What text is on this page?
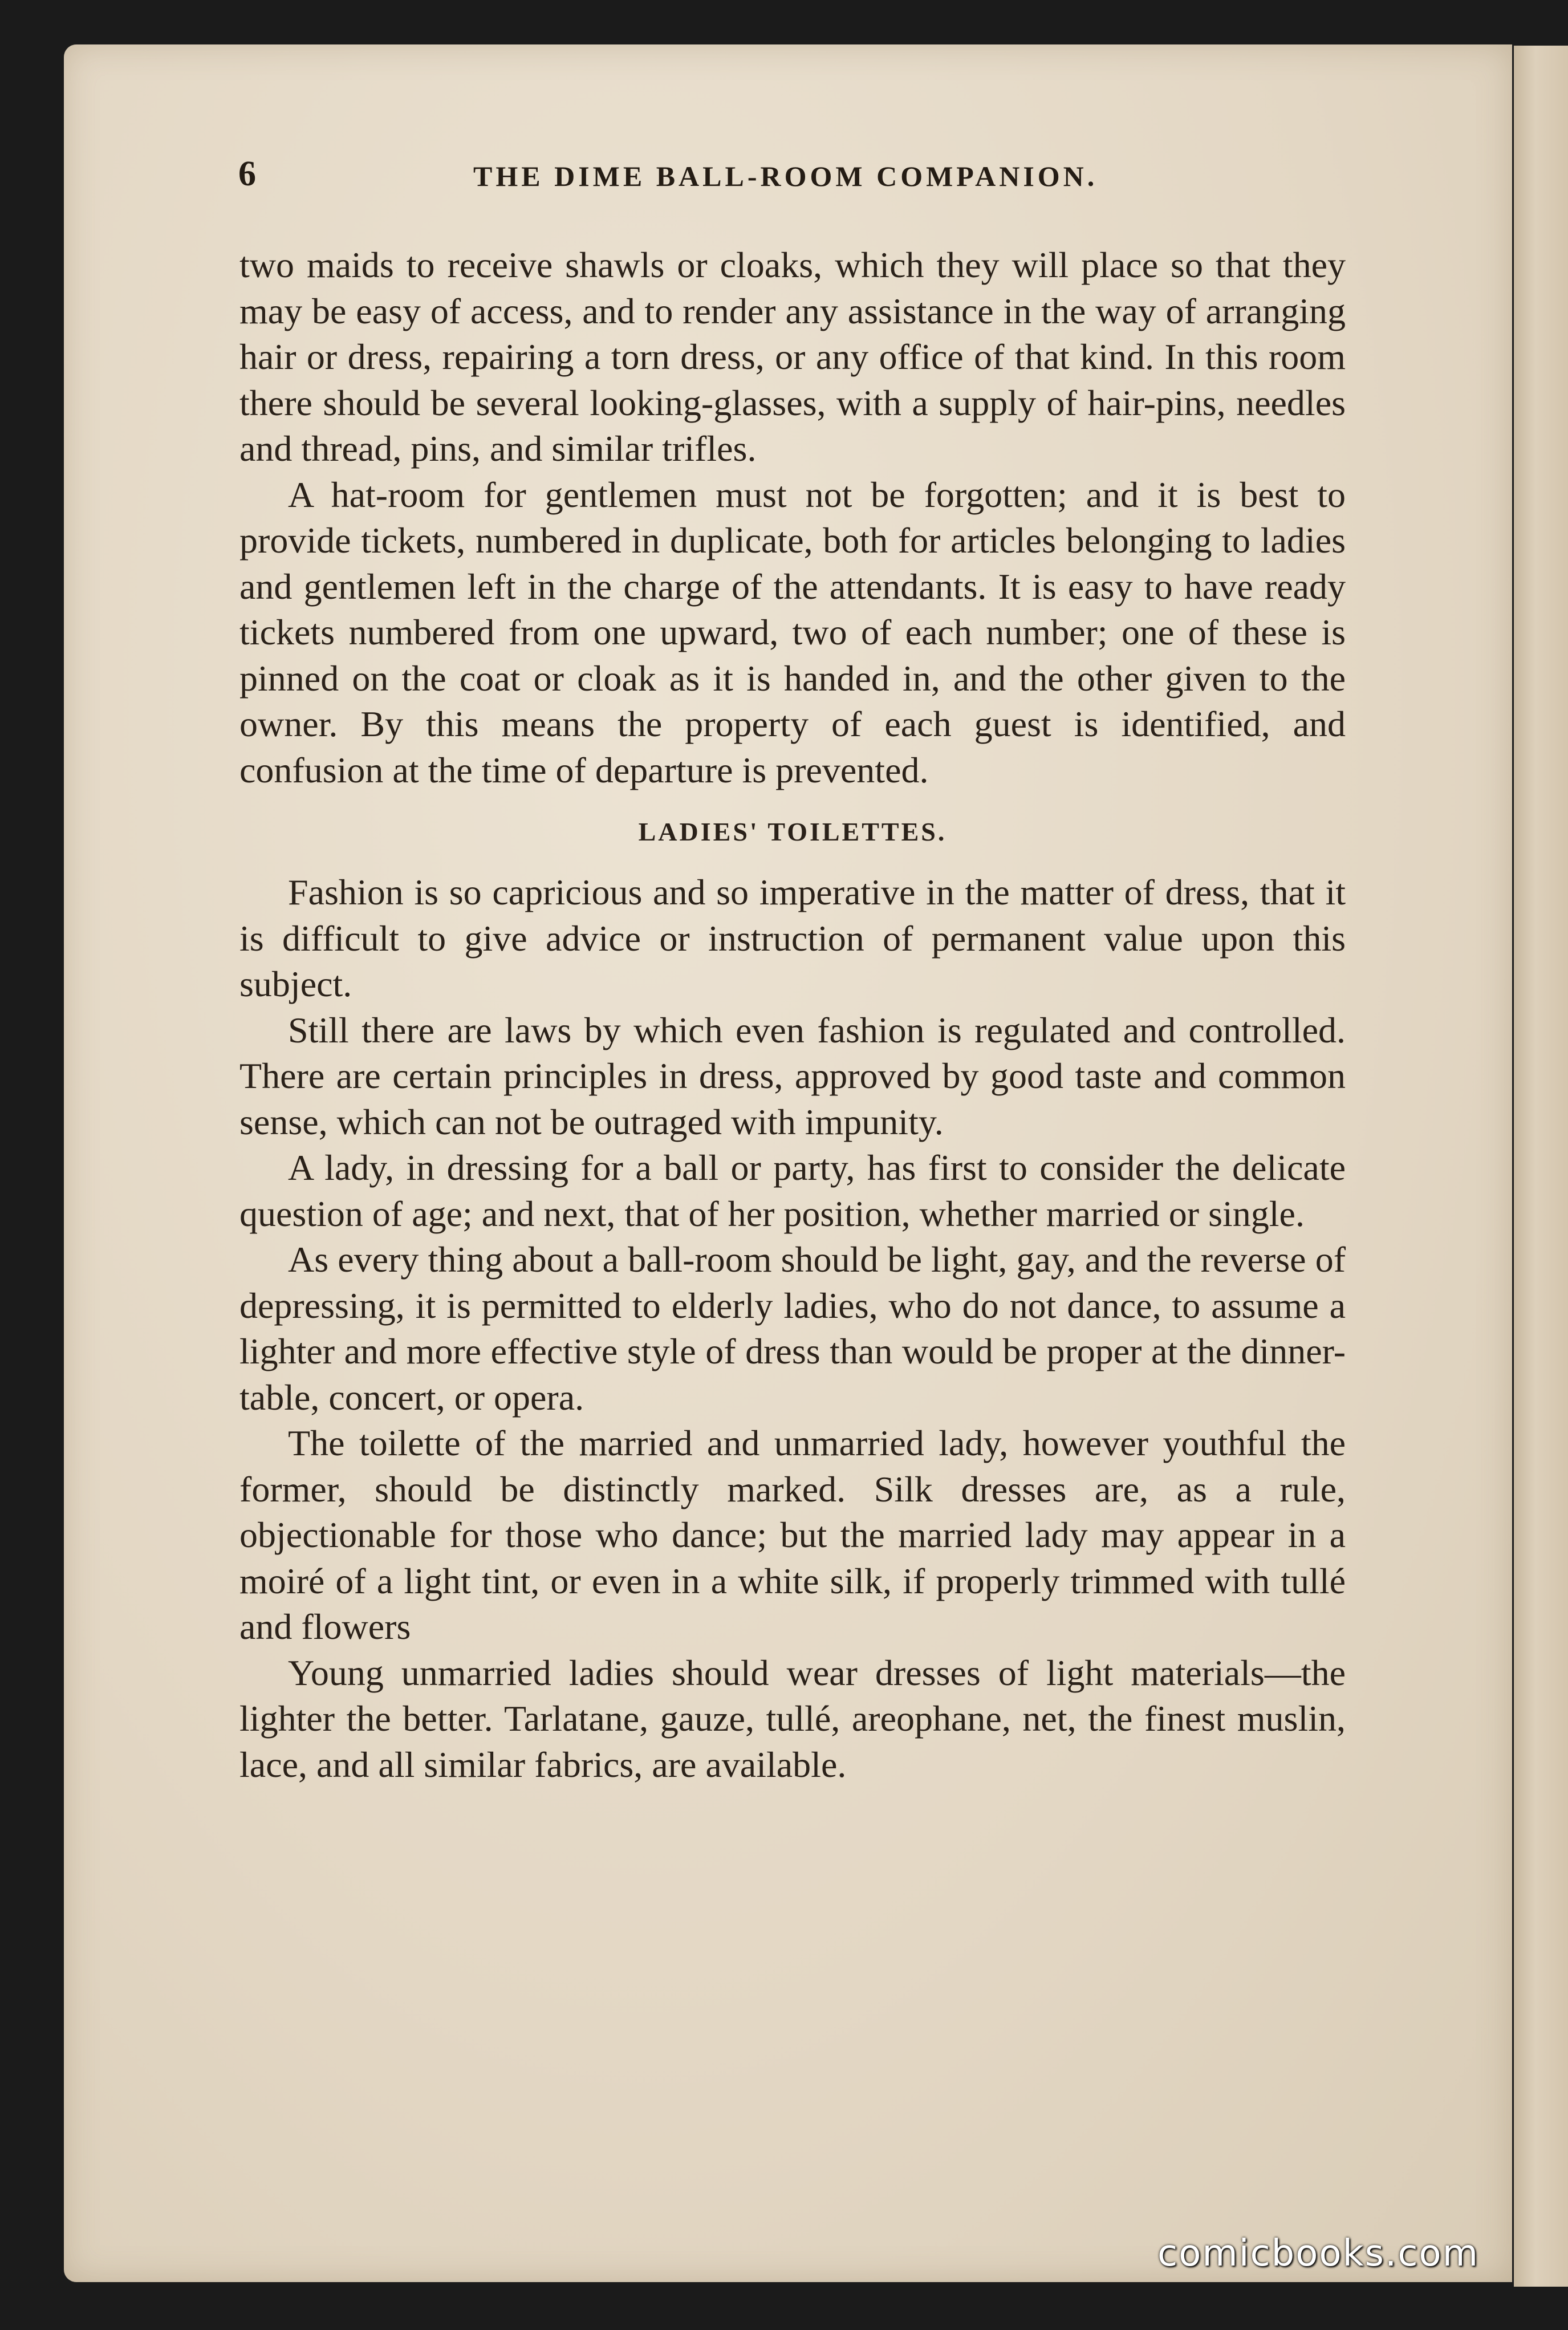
6	THE DIME BALL-ROOM COMPANION.

two maids to receive shawls or cloaks, which they will place so that they may be easy of access, and to render any assistance in the way of arranging hair or dress, repairing a torn dress, or any office of that kind. In this room there should be several looking-glasses, with a supply of hair-pins, needles and thread, pins, and similar trifles.

A hat-room for gentlemen must not be forgotten; and it is best to provide tickets, numbered in duplicate, both for articles belonging to ladies and gentlemen left in the charge of the attendants. It is easy to have ready tickets numbered from one upward, two of each number; one of these is pinned on the coat or cloak as it is handed in, and the other given to the owner. By this means the property of each guest is identified, and confusion at the time of departure is prevented.

LADIES' TOILETTES.

Fashion is so capricious and so imperative in the matter of dress, that it is difficult to give advice or instruction of permanent value upon this subject.

Still there are laws by which even fashion is regulated and controlled. There are certain principles in dress, approved by good taste and common sense, which can not be outraged with impunity.

A lady, in dressing for a ball or party, has first to consider the delicate question of age; and next, that of her position, whether married or single.

As every thing about a ball-room should be light, gay, and the reverse of depressing, it is permitted to elderly ladies, who do not dance, to assume a lighter and more effective style of dress than would be proper at the dinner-table, concert, or opera.

The toilette of the married and unmarried lady, however youthful the former, should be distinctly marked. Silk dresses are, as a rule, objectionable for those who dance; but the married lady may appear in a moiré of a light tint, or even in a white silk, if properly trimmed with tullé and flowers

Young unmarried ladies should wear dresses of light materials—the lighter the better. Tarlatane, gauze, tullé, areophane, net, the finest muslin, lace, and all similar fabrics, are available.

comicbooks.com
